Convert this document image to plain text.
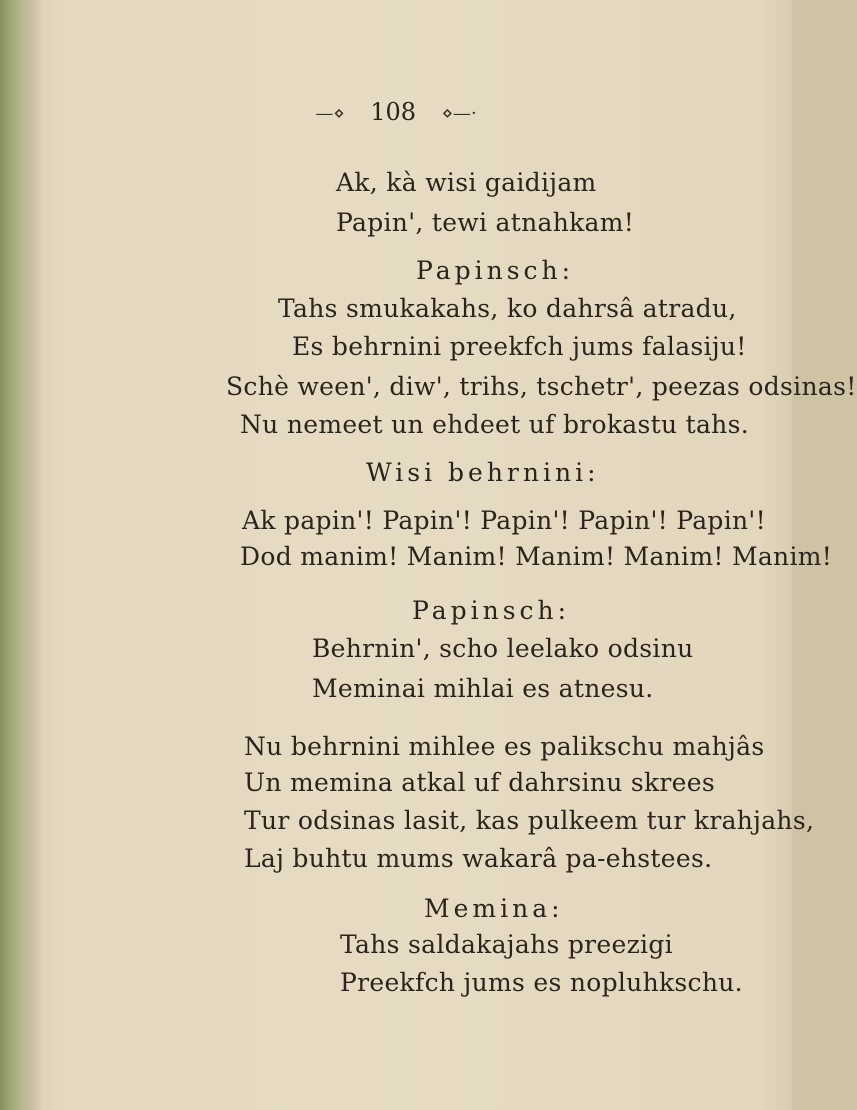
—⋄ 108 ⋄—·
Ak, kà wisi gaidijam
Papin', tewi atnahkam!
Papinsch:
Tahs smukakahs, ko dahrsâ atradu,
Es behrnini preekfch jums falasiju!
Schè ween', diw', trihs, tschetr', peezas odsinas!
Nu nemeet un ehdeet uf brokastu tahs.
Wisi behrnini:
Ak papin'! Papin'! Papin'! Papin'! Papin'!
Dod manim! Manim! Manim! Manim! Manim!
Papinsch:
Behrnin', scho leelako odsinu
Meminai mihlai es atnesu.
Nu behrnini mihlee es palikschu mahjâs
Un memina atkal uf dahrsinu skrees
Tur odsinas lasit, kas pulkeem tur krahjahs,
Laj buhtu mums wakarâ pa-ehstees.
Memina:
Tahs saldakajahs preezigi
Preekfch jums es nopluhkschu.
